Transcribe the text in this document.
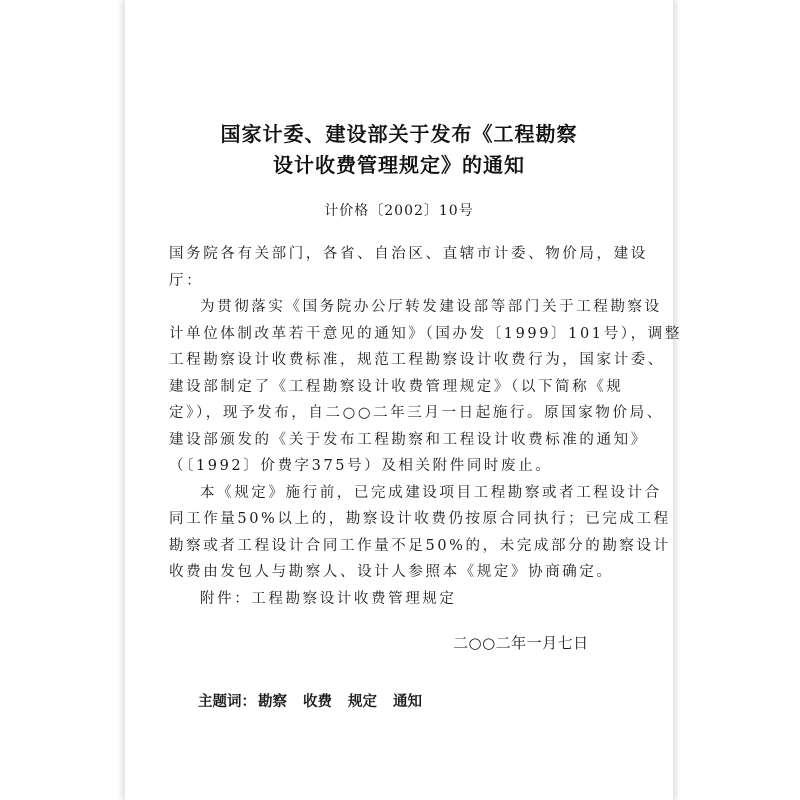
国家计委、建设部关于发布《工程勘察
设计收费管理规定》的通知
计价格〔2002〕10号
国务院各有关部门，各省、自治区、直辖市计委、物价局，建设
厅：
为贯彻落实《国务院办公厅转发建设部等部门关于工程勘察设
计单位体制改革若干意见的通知》（国办发〔1999〕101号），调整
工程勘察设计收费标准，规范工程勘察设计收费行为，国家计委、
建设部制定了《工程勘察设计收费管理规定》（以下简称《规
定》），现予发布，自二○○二年三月一日起施行。原国家物价局、
建设部颁发的《关于发布工程勘察和工程设计收费标准的通知》
（〔1992〕价费字375号）及相关附件同时废止。
本《规定》施行前，已完成建设项目工程勘察或者工程设计合
同工作量50%以上的，勘察设计收费仍按原合同执行；已完成工程
勘察或者工程设计合同工作量不足50%的，未完成部分的勘察设计
收费由发包人与勘察人、设计人参照本《规定》协商确定。
附件：工程勘察设计收费管理规定
二○○二年一月七日
主题词： 勘察 收费 规定 通知
